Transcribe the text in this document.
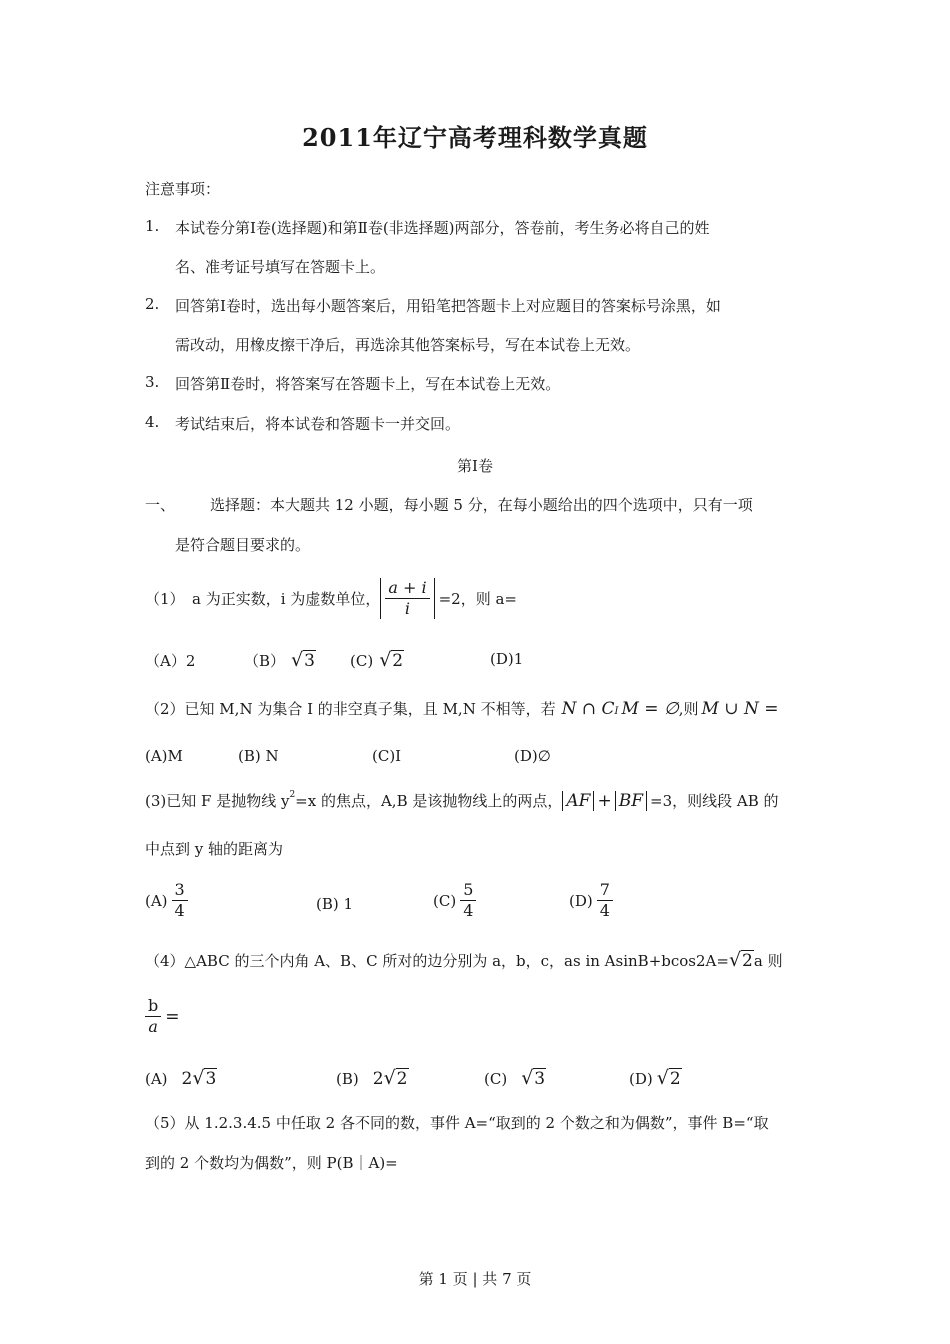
2011年辽宁高考理科数学真题
注意事项：
1. 本试卷分第Ⅰ卷(选择题)和第Ⅱ卷(非选择题)两部分，答卷前，考生务必将自己的姓
名、准考证号填写在答题卡上。
2. 回答第Ⅰ卷时，选出每小题答案后，用铅笔把答题卡上对应题目的答案标号涂黑，如
需改动，用橡皮擦干净后，再选涂其他答案标号，写在本试卷上无效。
3. 回答第Ⅱ卷时，将答案写在答题卡上，写在本试卷上无效。
4. 考试结束后，将本试卷和答题卡一并交回。
第Ⅰ卷
一、 选择题：本大题共 12 小题，每小题 5 分，在每小题给出的四个选项中，只有一项
是符合题目要求的。
（1）　a 为正实数，i 为虚数单位， $\frac{a + i}{i} =2$ ，则 a=
（A）2	（B） √ 3 (C) √ 2	(D)1
（2）已知 M,N 为集合 I 的非空真子集，且 M,N 不相等，若 N ∩ C I M = ∅ ,则 M ∪ N =
(A)M	(B) N	(C)I	(D)∅
(3)已知 F 是抛物线 $y^2 =x$ 的焦点，A,B 是该抛物线上的两点， AF + BF =3 ，则线段 AB 的
中点到 y 轴的距离为
$(A) \frac{3}{4}$	(B) 1	$(C) \frac{5}{4}$	$(D) \frac{7}{4}$
（4）△ABC 的三个内角 A、B、C 所对的边分别为 a，b，c，as in AsinB+bcos2A= √ 2 a 则
$\frac{b}{a}$ =
(A) 2 √ 3	(B) 2 √ 2	(C) √ 3	(D) √ 2
（5）从 1.2.3.4.5 中任取 2 各不同的数，事件 A=“取到的 2 个数之和为偶数”，事件 B=“取
到的 2 个数均为偶数”，则 P(B｜A)=
第 1 页 | 共 7 页
